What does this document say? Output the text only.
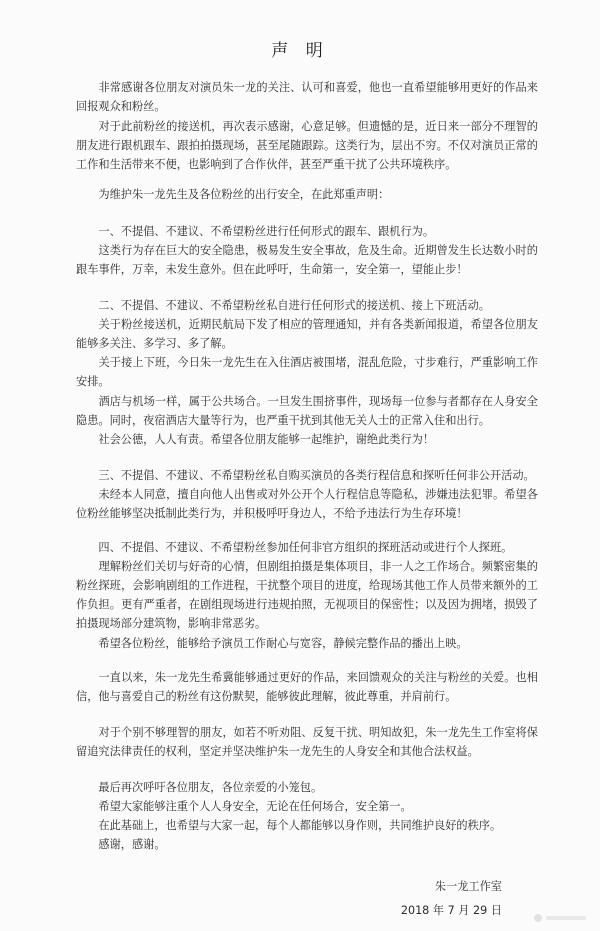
声 明

　　非常感谢各位朋友对演员朱一龙的关注、认可和喜爱，他也一直希望能够用更好的作品来回报观众和粉丝。

　　对于此前粉丝的接送机，再次表示感谢，心意足够。但遗憾的是，近日来一部分不理智的朋友进行跟机跟车、跟拍拍摄现场，甚至尾随跟踪。这类行为，层出不穷。不仅对演员正常的工作和生活带来不便，也影响到了合作伙伴，甚至严重干扰了公共环境秩序。

　　为维护朱一龙先生及各位粉丝的出行安全，在此郑重声明：

　　一、不提倡、不建议、不希望粉丝进行任何形式的跟车、跟机行为。

　　这类行为存在巨大的安全隐患，极易发生安全事故，危及生命。近期曾发生长达数小时的跟车事件，万幸，未发生意外。但在此呼吁，生命第一，安全第一，望能止步！

　　二、不提倡、不建议、不希望粉丝私自进行任何形式的接送机、接上下班活动。

　　关于粉丝接送机，近期民航局下发了相应的管理通知，并有各类新闻报道，希望各位朋友能够多关注、多学习、多了解。

　　关于接上下班，今日朱一龙先生在入住酒店被围堵，混乱危险，寸步难行，严重影响工作安排。

　　酒店与机场一样，属于公共场合。一旦发生围挤事件，现场每一位参与者都存在人身安全隐患。同时，夜宿酒店大量等行为，也严重干扰到其他无关人士的正常入住和出行。

　　社会公德，人人有责。希望各位朋友能够一起维护，谢绝此类行为！

　　三、不提倡、不建议、不希望粉丝私自购买演员的各类行程信息和探听任何非公开活动。

　　未经本人同意，擅自向他人出售或对外公开个人行程信息等隐私，涉嫌违法犯罪。希望各位粉丝能够坚决抵制此类行为，并积极呼吁身边人，不给予违法行为生存环境！

　　四、不提倡、不建议、不希望粉丝参加任何非官方组织的探班活动或进行个人探班。

　　理解粉丝们关切与好奇的心情，但剧组拍摄是集体项目，非一人之工作场合。频繁密集的粉丝探班，会影响剧组的工作进程，干扰整个项目的进度，给现场其他工作人员带来额外的工作负担。更有严重者，在剧组现场进行违规拍照，无视项目的保密性；以及因为拥堵，损毁了拍摄现场部分建筑物，影响非常恶劣。

　　希望各位粉丝，能够给予演员工作耐心与宽容，静候完整作品的播出上映。

　　一直以来，朱一龙先生希冀能够通过更好的作品，来回馈观众的关注与粉丝的关爱。也相信，他与喜爱自己的粉丝有这份默契，能够彼此理解，彼此尊重，并肩前行。

　　对于个别不够理智的朋友，如若不听劝阻、反复干扰、明知故犯，朱一龙先生工作室将保留追究法律责任的权利，坚定并坚决维护朱一龙先生的人身安全和其他合法权益。

　　最后再次呼吁各位朋友，各位亲爱的小笼包。

　　希望大家能够注重个人人身安全，无论在任何场合，安全第一。

　　在此基础上，也希望与大家一起，每个人都能够以身作则，共同维护良好的秩序。

　　感谢，感谢。

朱一龙工作室

2018 年 7 月 29 日
